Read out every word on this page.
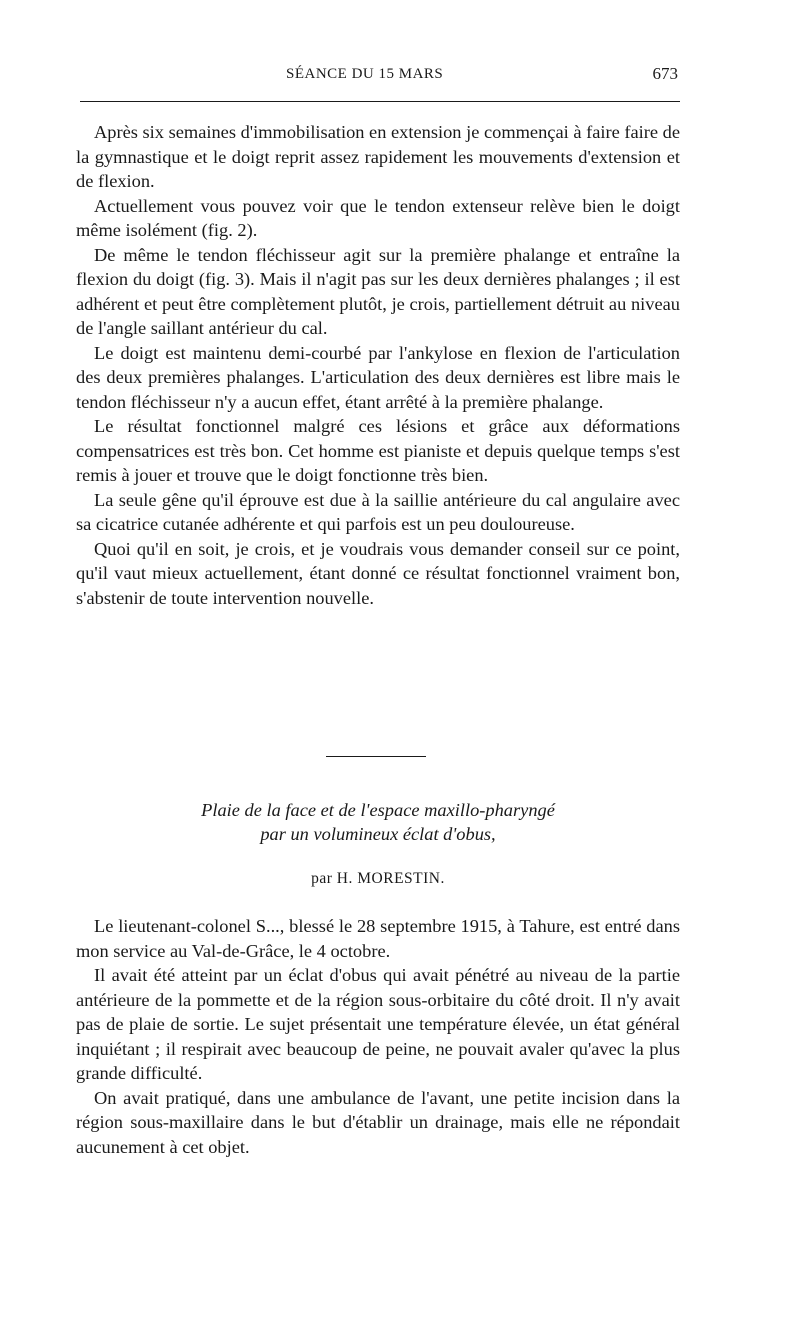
SÉANCE DU 15 MARS	673

Après six semaines d'immobilisation en extension je commençai à faire faire de la gymnastique et le doigt reprit assez rapidement les mouvements d'extension et de flexion.

Actuellement vous pouvez voir que le tendon extenseur relève bien le doigt même isolément (fig. 2).

De même le tendon fléchisseur agit sur la première phalange et entraîne la flexion du doigt (fig. 3). Mais il n'agit pas sur les deux dernières phalanges ; il est adhérent et peut être complètement plutôt, je crois, partiellement détruit au niveau de l'angle saillant antérieur du cal.

Le doigt est maintenu demi-courbé par l'ankylose en flexion de l'articulation des deux premières phalanges. L'articulation des deux dernières est libre mais le tendon fléchisseur n'y a aucun effet, étant arrêté à la première phalange.

Le résultat fonctionnel malgré ces lésions et grâce aux déformations compensatrices est très bon. Cet homme est pianiste et depuis quelque temps s'est remis à jouer et trouve que le doigt fonctionne très bien.

La seule gêne qu'il éprouve est due à la saillie antérieure du cal angulaire avec sa cicatrice cutanée adhérente et qui parfois est un peu douloureuse.

Quoi qu'il en soit, je crois, et je voudrais vous demander conseil sur ce point, qu'il vaut mieux actuellement, étant donné ce résultat fonctionnel vraiment bon, s'abstenir de toute intervention nouvelle.

Plaie de la face et de l'espace maxillo-pharyngé
par un volumineux éclat d'obus,
par H. MORESTIN.

Le lieutenant-colonel S..., blessé le 28 septembre 1915, à Tahure, est entré dans mon service au Val-de-Grâce, le 4 octobre.

Il avait été atteint par un éclat d'obus qui avait pénétré au niveau de la partie antérieure de la pommette et de la région sous-orbitaire du côté droit. Il n'y avait pas de plaie de sortie. Le sujet présentait une température élevée, un état général inquiétant ; il respirait avec beaucoup de peine, ne pouvait avaler qu'avec la plus grande difficulté.

On avait pratiqué, dans une ambulance de l'avant, une petite incision dans la région sous-maxillaire dans le but d'établir un drainage, mais elle ne répondait aucunement à cet objet.
